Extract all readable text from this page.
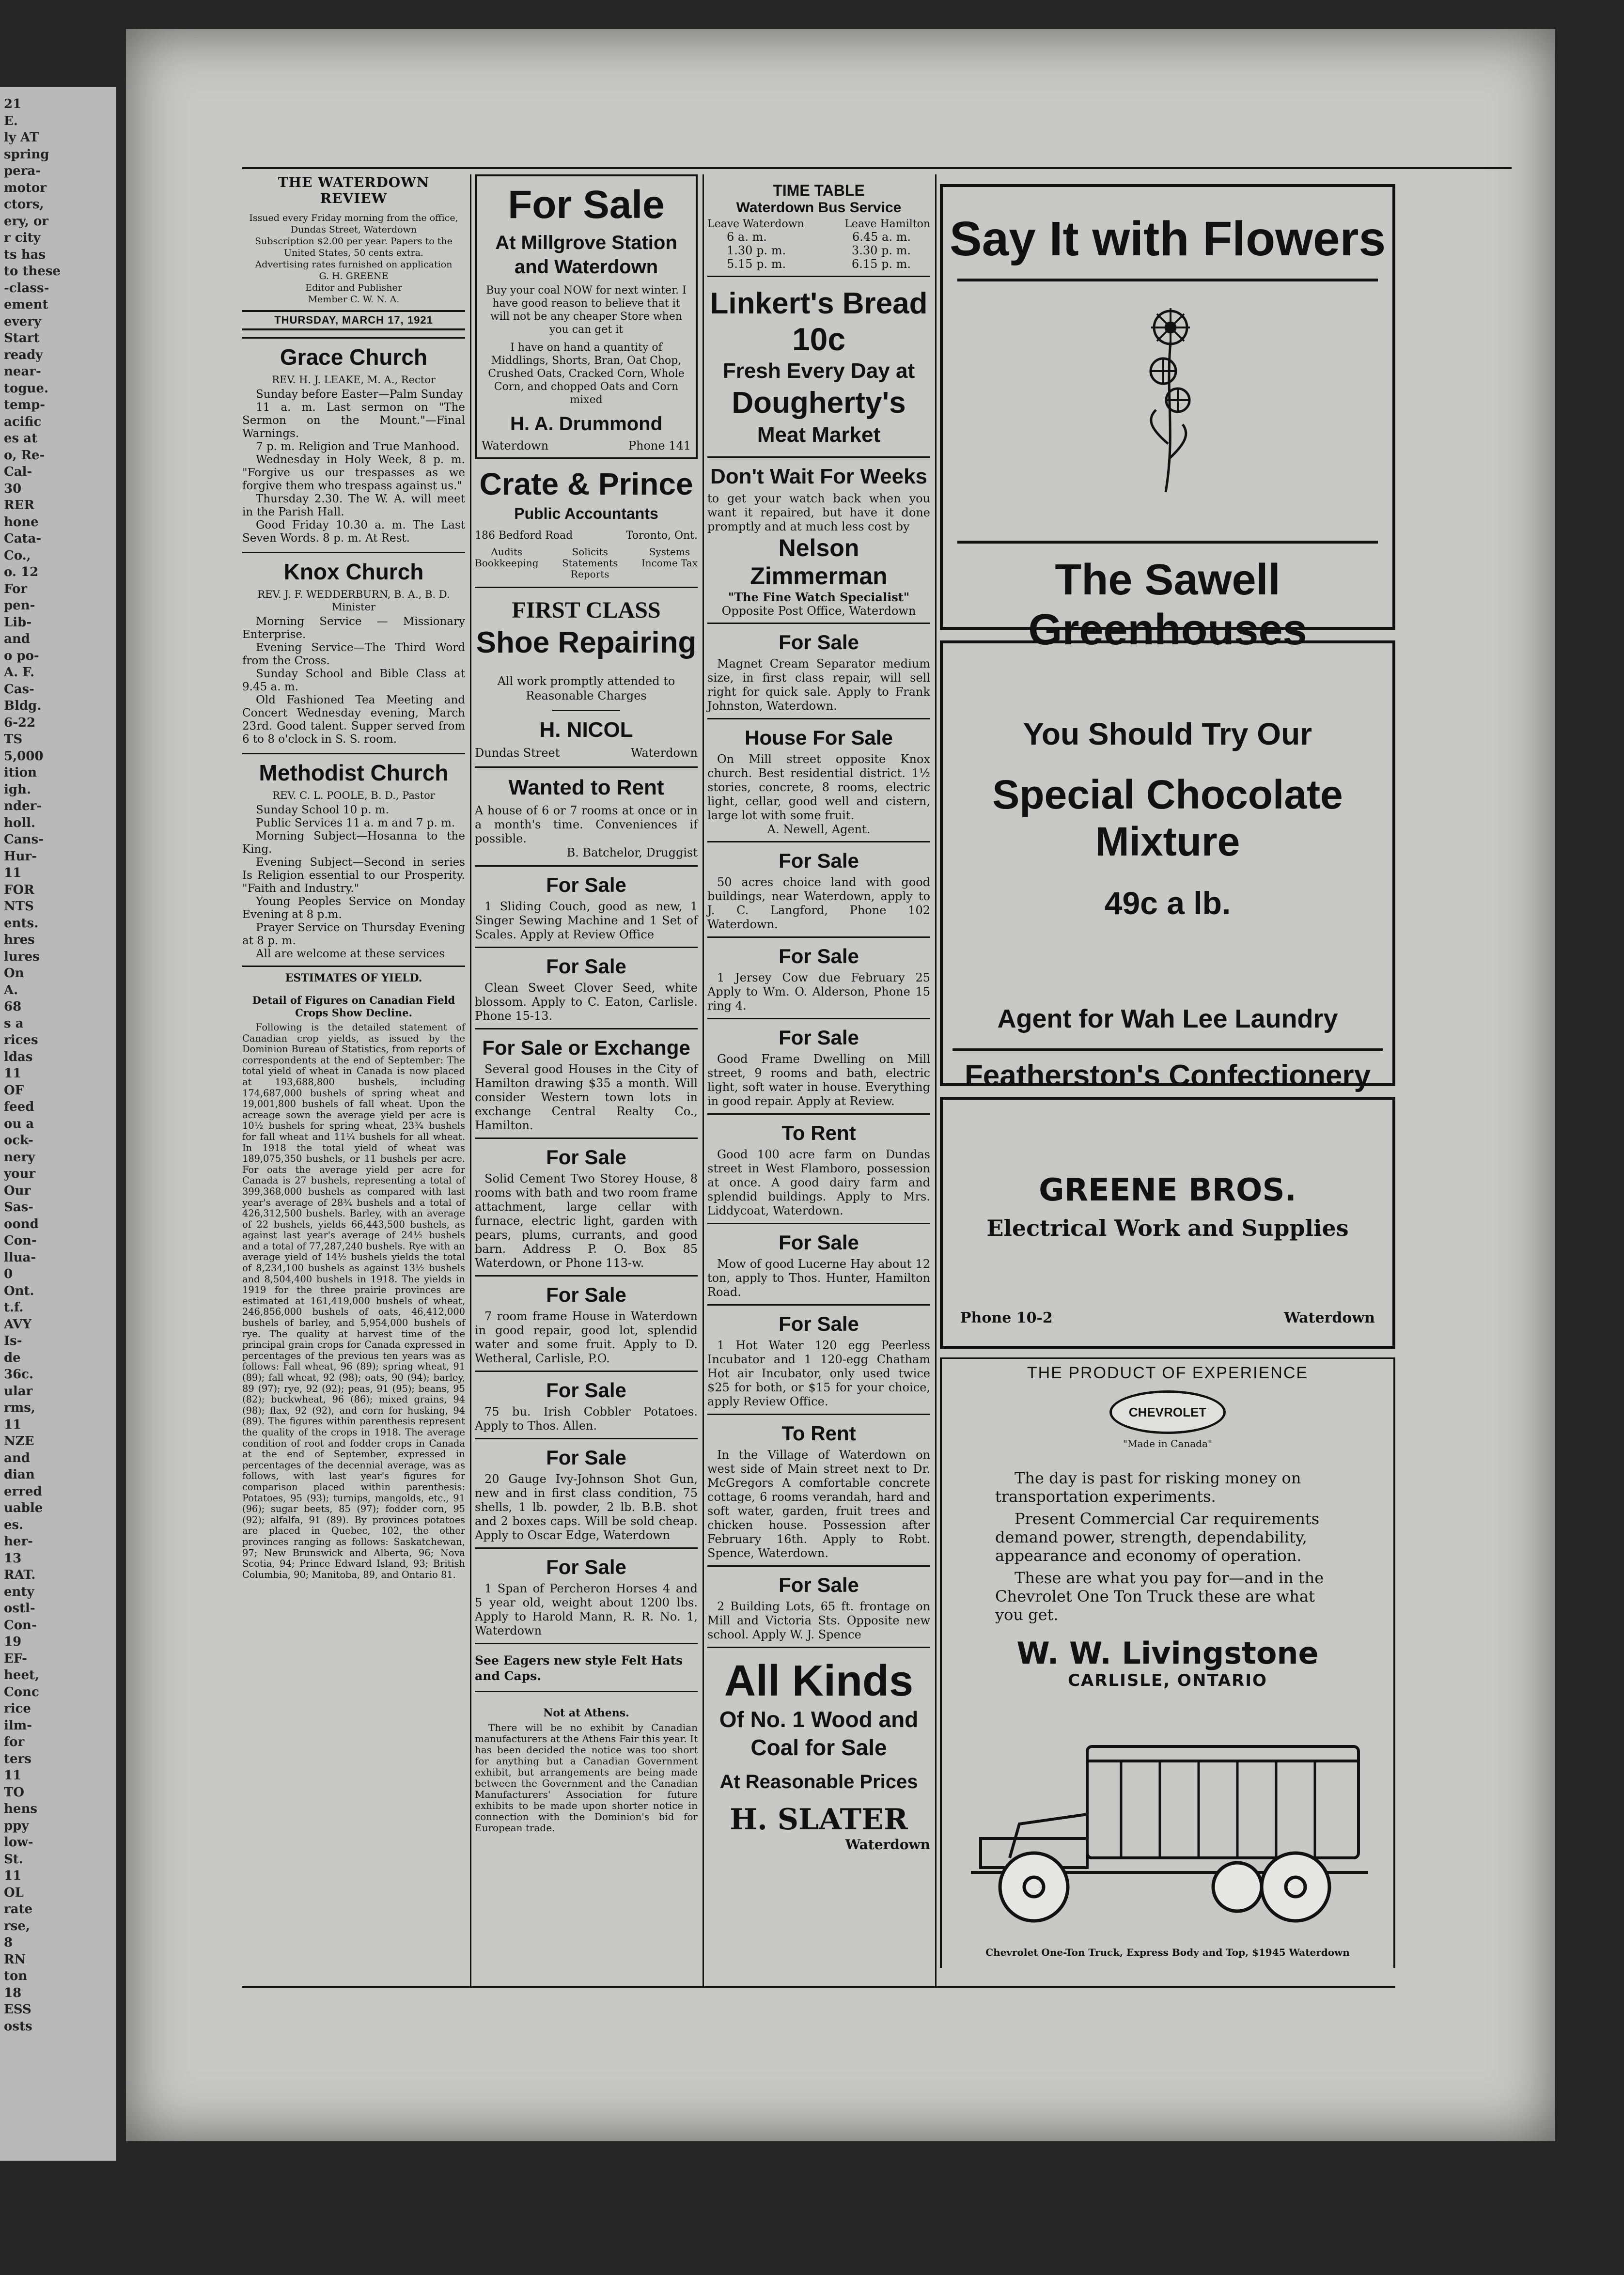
21
E.
ly AT
spring
pera-
motor
ctors,
ery, or
r city
ts has
to these
-class-
ement
every
Start
ready
near-
togue.
temp-
acific
es at
o, Re-
Cal-
30
RER
hone
Cata-
Co.,
o. 12
For
pen-
Lib-
and
o po-
A. F.
Cas-
Bldg.
6-22
TS
5,000
ition
igh.
nder-
holl.
Cans-
Hur-
11
FOR
NTS
ents.
hres
lures
On
A.
68
s a
rices
ldas
11
OF
feed
ou a
ock-
nery
your
Our
Sas-
oond
Con-
llua-
0
Ont.
t.f.
AVY
Is-
de
36c.
ular
rms,
11
NZE
and
dian
erred
uable
es.
her-
13
RAT.
enty
ostl-
Con-
19
EF-
heet,
Conc
rice
ilm-
for
ters
11
TO
hens
ppy
low-
St.
11
OL
rate
rse,
8
RN
ton
18
ESS
osts
THE WATERDOWN REVIEW
Issued every Friday morning from the office, Dundas Street, Waterdown
Subscription $2.00 per year. Papers to the United States, 50 cents extra.
Advertising rates furnished on application
G. H. GREENE
Editor and Publisher
Member C. W. N. A.
THURSDAY, MARCH 17, 1921
Grace Church
REV. H. J. LEAKE, M. A., Rector
Sunday before Easter—Palm Sunday
11 a. m. Last sermon on "The Sermon on the Mount."—Final Warnings.
7 p. m. Religion and True Manhood.
Wednesday in Holy Week, 8 p. m. "Forgive us our trespasses as we forgive them who trespass against us."
Thursday 2.30. The W. A. will meet in the Parish Hall.
Good Friday 10.30 a. m. The Last Seven Words. 8 p. m. At Rest.
Knox Church
REV. J. F. WEDDERBURN, B. A., B. D. Minister
Morning Service — Missionary Enterprise.
Evening Service—The Third Word from the Cross.
Sunday School and Bible Class at 9.45 a. m.
Old Fashioned Tea Meeting and Concert Wednesday evening, March 23rd. Good talent. Supper served from 6 to 8 o'clock in S. S. room.
Methodist Church
REV. C. L. POOLE, B. D., Pastor
Sunday School 10 p. m.
Public Services 11 a. m and 7 p. m.
Morning Subject—Hosanna to the King.
Evening Subject—Second in series Is Religion essential to our Prosperity. "Faith and Industry."
Young Peoples Service on Monday Evening at 8 p.m.
Prayer Service on Thursday Evening at 8 p. m.
All are welcome at these services
ESTIMATES OF YIELD.
Detail of Figures on Canadian Field Crops Show Decline.
Following is the detailed statement of Canadian crop yields, as issued by the Dominion Bureau of Statistics, from reports of correspondents at the end of September: The total yield of wheat in Canada is now placed at 193,688,800 bushels, including 174,687,000 bushels of spring wheat and 19,001,800 bushels of fall wheat. Upon the acreage sown the average yield per acre is 10½ bushels for spring wheat, 23¾ bushels for fall wheat and 11¼ bushels for all wheat. In 1918 the total yield of wheat was 189,075,350 bushels, or 11 bushels per acre. For oats the average yield per acre for Canada is 27 bushels, representing a total of 399,368,000 bushels as compared with last year's average of 28¾ bushels and a total of 426,312,500 bushels. Barley, with an average of 22 bushels, yields 66,443,500 bushels, as against last year's average of 24½ bushels and a total of 77,287,240 bushels. Rye with an average yield of 14½ bushels yields the total of 8,234,100 bushels as against 13½ bushels and 8,504,400 bushels in 1918. The yields in 1919 for the three prairie provinces are estimated at 161,419,000 bushels of wheat, 246,856,000 bushels of oats, 46,412,000 bushels of barley, and 5,954,000 bushels of rye. The quality at harvest time of the principal grain crops for Canada expressed in percentages of the previous ten years was as follows: Fall wheat, 96 (89); spring wheat, 91 (89); fall wheat, 92 (98); oats, 90 (94); barley, 89 (97); rye, 92 (92); peas, 91 (95); beans, 95 (82); buckwheat, 96 (86); mixed grains, 94 (98); flax, 92 (92), and corn for husking, 94 (89). The figures within parenthesis represent the quality of the crops in 1918. The average condition of root and fodder crops in Canada at the end of September, expressed in percentages of the decennial average, was as follows, with last year's figures for comparison placed within parenthesis: Potatoes, 95 (93); turnips, mangolds, etc., 91 (96); sugar beets, 85 (97); fodder corn, 95 (92); alfalfa, 91 (89). By provinces potatoes are placed in Quebec, 102, the other provinces ranging as follows: Saskatchewan, 97; New Brunswick and Alberta, 96; Nova Scotia, 94; Prince Edward Island, 93; British Columbia, 90; Manitoba, 89, and Ontario 81.
For Sale
At Millgrove Station and Waterdown
Buy your coal NOW for next winter. I have good reason to believe that it will not be any cheaper Store when you can get it
I have on hand a quantity of Middlings, Shorts, Bran, Oat Chop, Crushed Oats, Cracked Corn, Whole Corn, and chopped Oats and Corn mixed
H. A. Drummond
Waterdown	Phone 141
Crate & Prince
Public Accountants
186 Bedford Road	Toronto, Ont.
Audits
Bookkeeping
Solicits
Statements
Reports
Systems
Income Tax
FIRST CLASS
Shoe Repairing
All work promptly attended to Reasonable Charges
H. NICOL
Dundas Street	Waterdown
Wanted to Rent
A house of 6 or 7 rooms at once or in a month's time. Conveniences if possible.
B. Batchelor, Druggist
For Sale
1 Sliding Couch, good as new, 1 Singer Sewing Machine and 1 Set of Scales. Apply at Review Office
For Sale
Clean Sweet Clover Seed, white blossom. Apply to C. Eaton, Carlisle. Phone 15-13.
For Sale or Exchange
Several good Houses in the City of Hamilton drawing $35 a month. Will consider Western town lots in exchange Central Realty Co., Hamilton.
For Sale
Solid Cement Two Storey House, 8 rooms with bath and two room frame attachment, large cellar with furnace, electric light, garden with pears, plums, currants, and good barn. Address P. O. Box 85 Waterdown, or Phone 113-w.
For Sale
7 room frame House in Waterdown in good repair, good lot, splendid water and some fruit. Apply to D. Wetheral, Carlisle, P.O.
For Sale
75 bu. Irish Cobbler Potatoes. Apply to Thos. Allen.
For Sale
20 Gauge Ivy-Johnson Shot Gun, new and in first class condition, 75 shells, 1 lb. powder, 2 lb. B.B. shot and 2 boxes caps. Will be sold cheap. Apply to Oscar Edge, Waterdown
For Sale
1 Span of Percheron Horses 4 and 5 year old, weight about 1200 lbs. Apply to Harold Mann, R. R. No. 1, Waterdown
See Eagers new style Felt Hats and Caps.
Not at Athens.
There will be no exhibit by Canadian manufacturers at the Athens Fair this year. It has been decided the notice was too short for anything but a Canadian Government exhibit, but arrangements are being made between the Government and the Canadian Manufacturers' Association for future exhibits to be made upon shorter notice in connection with the Dominion's bid for European trade.
TIME TABLE
Waterdown Bus Service
Leave Waterdown	Leave Hamilton
6 a. m.	6.45 a. m.
1.30 p. m.	3.30 p. m.
5.15 p. m.	6.15 p. m.
Linkert's Bread
10c
Fresh Every Day at
Dougherty's
Meat Market
Don't Wait For Weeks
to get your watch back when you want it repaired, but have it done promptly and at much less cost by
Nelson Zimmerman
"The Fine Watch Specialist"
Opposite Post Office, Waterdown
For Sale
Magnet Cream Separator medium size, in first class repair, will sell right for quick sale. Apply to Frank Johnston, Waterdown.
House For Sale
On Mill street opposite Knox church. Best residential district. 1½ stories, concrete, 8 rooms, electric light, cellar, good well and cistern, large lot with some fruit.
A. Newell, Agent.
For Sale
50 acres choice land with good buildings, near Waterdown, apply to J. C. Langford, Phone 102 Waterdown.
For Sale
1 Jersey Cow due February 25 Apply to Wm. O. Alderson, Phone 15 ring 4.
For Sale
Good Frame Dwelling on Mill street, 9 rooms and bath, electric light, soft water in house. Everything in good repair. Apply at Review.
To Rent
Good 100 acre farm on Dundas street in West Flamboro, possession at once. A good dairy farm and splendid buildings. Apply to Mrs. Liddycoat, Waterdown.
For Sale
Mow of good Lucerne Hay about 12 ton, apply to Thos. Hunter, Hamilton Road.
For Sale
1 Hot Water 120 egg Peerless Incubator and 1 120-egg Chatham Hot air Incubator, only used twice $25 for both, or $15 for your choice, apply Review Office.
To Rent
In the Village of Waterdown on west side of Main street next to Dr. McGregors A comfortable concrete cottage, 6 rooms verandah, hard and soft water, garden, fruit trees and chicken house. Possession after February 16th. Apply to Robt. Spence, Waterdown.
For Sale
2 Building Lots, 65 ft. frontage on Mill and Victoria Sts. Opposite new school. Apply W. J. Spence
All Kinds
Of No. 1 Wood and Coal for Sale
At Reasonable Prices
H. SLATER
Waterdown
Say It with Flowers
The Sawell Greenhouses
You Should Try Our
Special Chocolate Mixture
49c a lb.
Agent for Wah Lee Laundry
Featherston's Confectionery
GREENE BROS.
Electrical Work and Supplies
Phone 10-2	Waterdown
THE PRODUCT OF EXPERIENCE
CHEVROLET
"Made in Canada"

The day is past for risking money on transportation experiments.

Present Commercial Car requirements demand power, strength, dependability, appearance and economy of operation.

These are what you pay for—and in the Chevrolet One Ton Truck these are what you get.

W. W. Livingstone
CARLISLE, ONTARIO
Chevrolet One-Ton Truck, Express Body and Top, $1945 Waterdown
